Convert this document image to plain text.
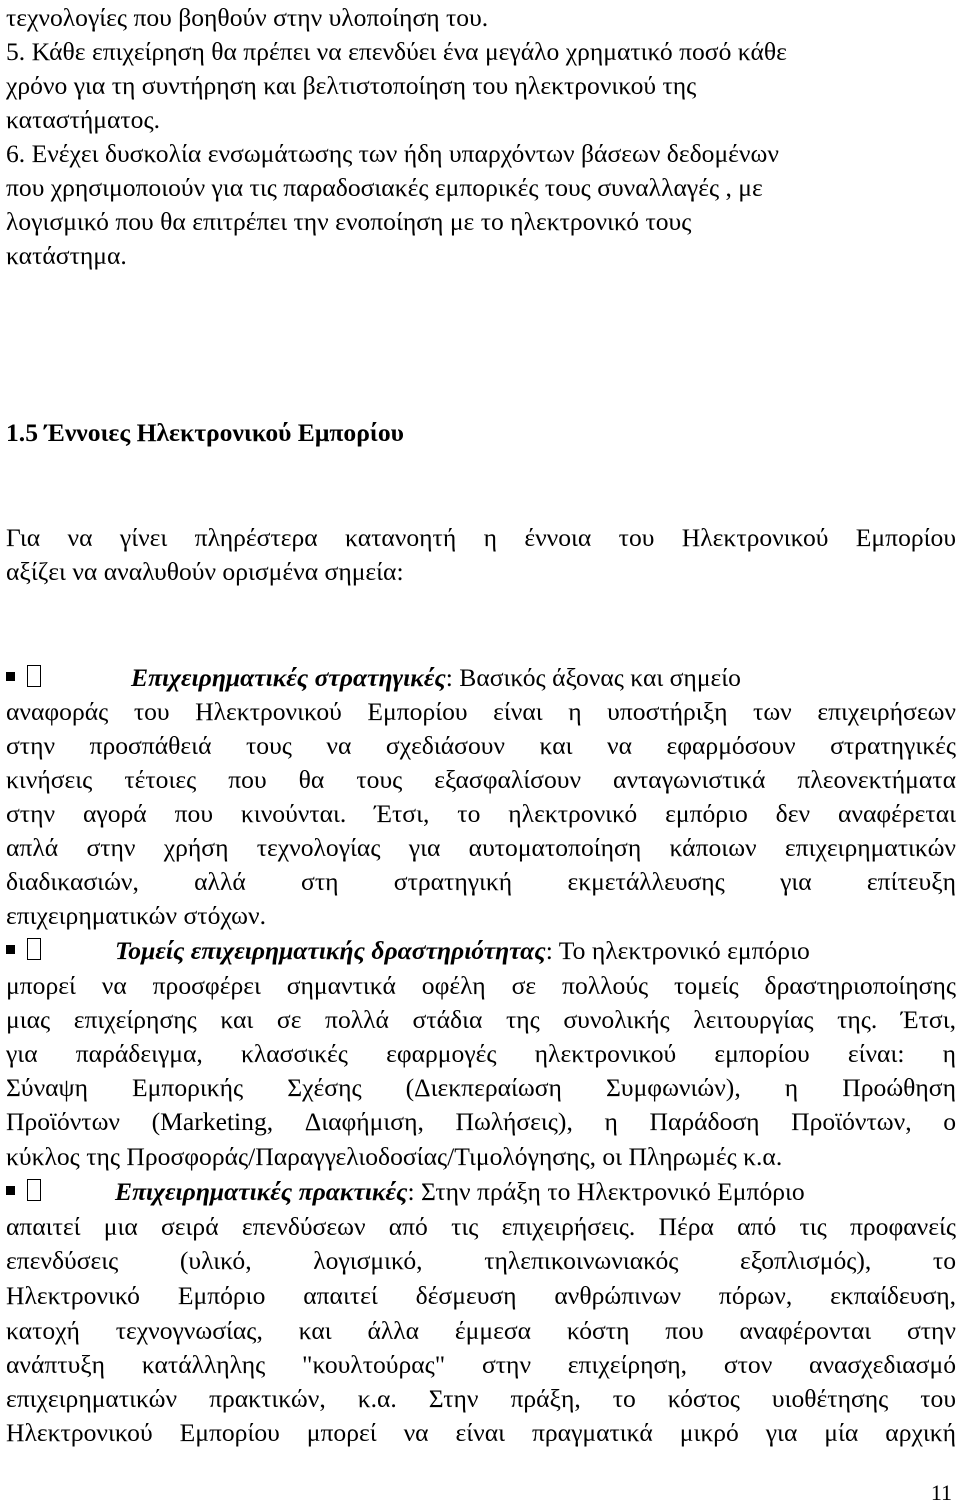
τεχνολογίες που βοηθούν στην υλοποίηση του.
5. Κάθε επιχείρηση θα πρέπει να επενδύει ένα μεγάλο χρηματικό ποσό κάθε
χρόνο για τη συντήρηση και βελτιστοποίηση του ηλεκτρονικού της
καταστήματος.
6. Ενέχει δυσκολία ενσωμάτωσης των ήδη υπαρχόντων βάσεων δεδομένων
που χρησιμοποιούν για τις παραδοσιακές εμπορικές τους συναλλαγές , με
λογισμικό που θα επιτρέπει την ενοποίηση με το ηλεκτρονικό τους
κατάστημα.
1.5 Έννοιες Ηλεκτρονικού Εμπορίου
Για να γίνει πληρέστερα κατανοητή η έννοια του Ηλεκτρονικού Εμπορίου
αξίζει να αναλυθούν ορισμένα σημεία:
Επιχειρηματικές στρατηγικές: Βασικός άξονας και σημείο
αναφοράς του Ηλεκτρονικού Εμπορίου είναι η υποστήριξη των επιχειρήσεων
στην προσπάθειά τους να σχεδιάσουν και να εφαρμόσουν στρατηγικές
κινήσεις τέτοιες που θα τους εξασφαλίσουν ανταγωνιστικά πλεονεκτήματα
στην αγορά που κινούνται. Έτσι, το ηλεκτρονικό εμπόριο δεν αναφέρεται
απλά στην χρήση τεχνολογίας για αυτοματοποίηση κάποιων επιχειρηματικών
διαδικασιών, αλλά στη στρατηγική εκμετάλλευσης για επίτευξη
επιχειρηματικών στόχων.
Τομείς επιχειρηματικής δραστηριότητας: Το ηλεκτρονικό εμπόριο
μπορεί να προσφέρει σημαντικά οφέλη σε πολλούς τομείς δραστηριοποίησης
μιας επιχείρησης και σε πολλά στάδια της συνολικής λειτουργίας της. Έτσι,
για παράδειγμα, κλασσικές εφαρμογές ηλεκτρονικού εμπορίου είναι: η
Σύναψη Εμπορικής Σχέσης (Διεκπεραίωση Συμφωνιών), η Προώθηση
Προϊόντων (Marketing, Διαφήμιση, Πωλήσεις), η Παράδοση Προϊόντων, ο
κύκλος της Προσφοράς/Παραγγελιοδοσίας/Τιμολόγησης, οι Πληρωμές κ.α.
Επιχειρηματικές πρακτικές: Στην πράξη το Ηλεκτρονικό Εμπόριο
απαιτεί μια σειρά επενδύσεων από τις επιχειρήσεις. Πέρα από τις προφανείς
επενδύσεις (υλικό, λογισμικό, τηλεπικοινωνιακός εξοπλισμός), το
Ηλεκτρονικό Εμπόριο απαιτεί δέσμευση ανθρώπινων πόρων, εκπαίδευση,
κατοχή τεχνογνωσίας, και άλλα έμμεσα κόστη που αναφέρονται στην
ανάπτυξη κατάλληλης "κουλτούρας" στην επιχείρηση, στον ανασχεδιασμό
επιχειρηματικών πρακτικών, κ.α. Στην πράξη, το κόστος υιοθέτησης του
Ηλεκτρονικού Εμπορίου μπορεί να είναι πραγματικά μικρό για μία αρχική
11
